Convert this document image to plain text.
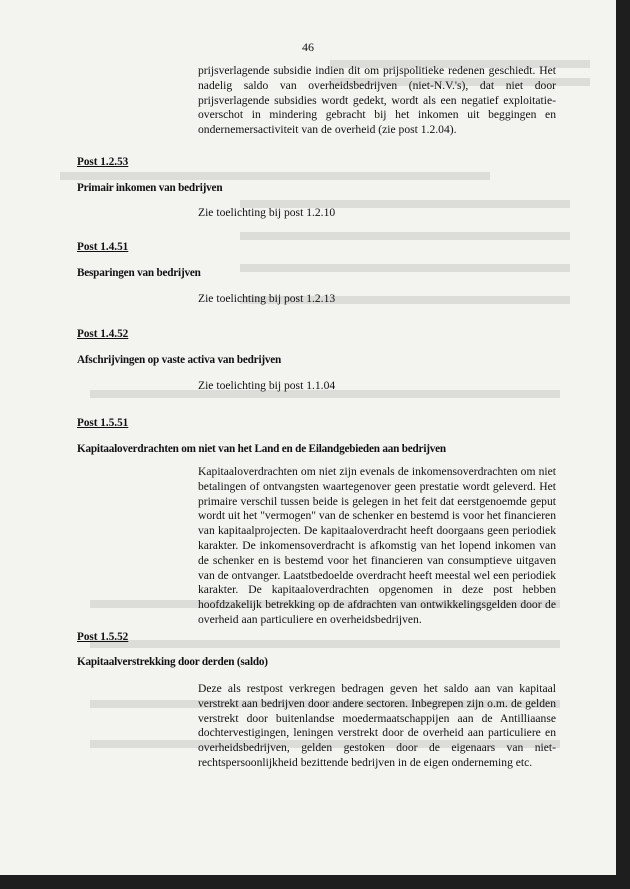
46
prijsverlagende subsidie indien dit om prijspolitieke redenen geschiedt. Het nadelig saldo van overheidsbedrijven (niet-N.V.'s), dat niet door prijsverlagende subsidies wordt gedekt, wordt als een negatief exploitatie-overschot in mindering gebracht bij het inkomen uit beggingen en ondernemersactiviteit van de overheid (zie post 1.2.04).
Post 1.2.53
Primair inkomen van bedrijven
Zie toelichting bij post 1.2.10
Post 1.4.51
Besparingen van bedrijven
Zie toelichting bij post 1.2.13
Post 1.4.52
Afschrijvingen op vaste activa van bedrijven
Zie toelichting bij post 1.1.04
Post 1.5.51
Kapitaaloverdrachten om niet van het Land en de Eilandgebieden aan bedrijven
Kapitaaloverdrachten om niet zijn evenals de inkomensoverdrachten om niet betalingen of ontvangsten waartegenover geen prestatie wordt geleverd. Het primaire verschil tussen beide is gelegen in het feit dat eerstgenoemde geput wordt uit het "vermogen" van de schenker en bestemd is voor het financieren van kapitaalprojecten. De kapitaaloverdracht heeft doorgaans geen periodiek karakter. De inkomensoverdracht is afkomstig van het lopend inkomen van de schenker en is bestemd voor het financieren van consumptieve uitgaven van de ontvanger. Laatstbedoelde overdracht heeft meestal wel een periodiek karakter. De kapitaaloverdrachten opgenomen in deze post hebben hoofdzakelijk betrekking op de afdrachten van ontwikkelingsgelden door de overheid aan particuliere en overheidsbedrijven.
Post 1.5.52
Kapitaalverstrekking door derden (saldo)
Deze als restpost verkregen bedragen geven het saldo aan van kapitaal verstrekt aan bedrijven door andere sectoren. Inbegrepen zijn o.m. de gelden verstrekt door buitenlandse moedermaatschappijen aan de Antilliaanse dochtervestigingen, leningen verstrekt door de overheid aan particuliere en overheidsbedrijven, gelden gestoken door de eigenaars van niet-rechtspersoonlijkheid bezittende bedrijven in de eigen onderneming etc.
